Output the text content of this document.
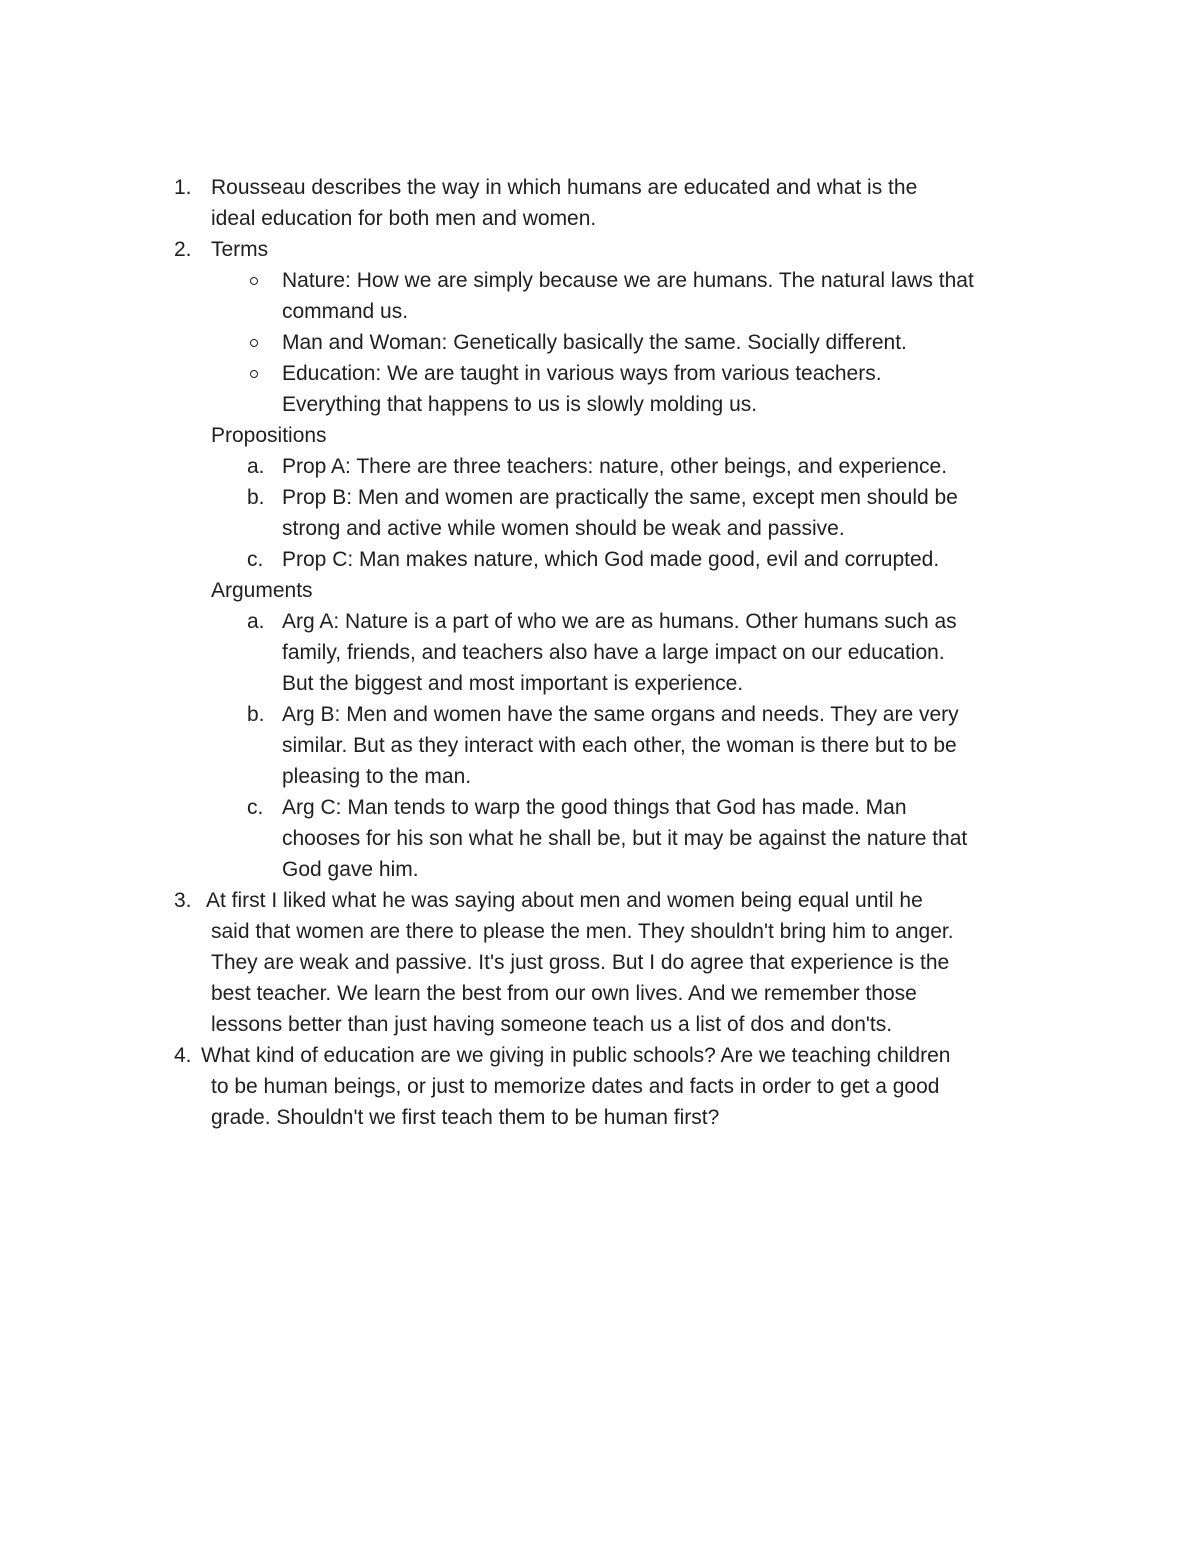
1. Rousseau describes the way in which humans are educated and what is the
ideal education for both men and women.
2. Terms
Nature: How we are simply because we are humans. The natural laws that
command us.
Man and Woman: Genetically basically the same. Socially different.
Education: We are taught in various ways from various teachers.
Everything that happens to us is slowly molding us.
Propositions
a. Prop A: There are three teachers: nature, other beings, and experience.
b. Prop B: Men and women are practically the same, except men should be
strong and active while women should be weak and passive.
c. Prop C: Man makes nature, which God made good, evil and corrupted.
Arguments
a. Arg A: Nature is a part of who we are as humans. Other humans such as
family, friends, and teachers also have a large impact on our education.
But the biggest and most important is experience.
b. Arg B: Men and women have the same organs and needs. They are very
similar. But as they interact with each other, the woman is there but to be
pleasing to the man.
c. Arg C: Man tends to warp the good things that God has made. Man
chooses for his son what he shall be, but it may be against the nature that
God gave him.
3. At first I liked what he was saying about men and women being equal until he
said that women are there to please the men. They shouldn't bring him to anger.
They are weak and passive. It's just gross. But I do agree that experience is the
best teacher. We learn the best from our own lives. And we remember those
lessons better than just having someone teach us a list of dos and don'ts.
4. What kind of education are we giving in public schools? Are we teaching children
to be human beings, or just to memorize dates and facts in order to get a good
grade. Shouldn't we first teach them to be human first?
